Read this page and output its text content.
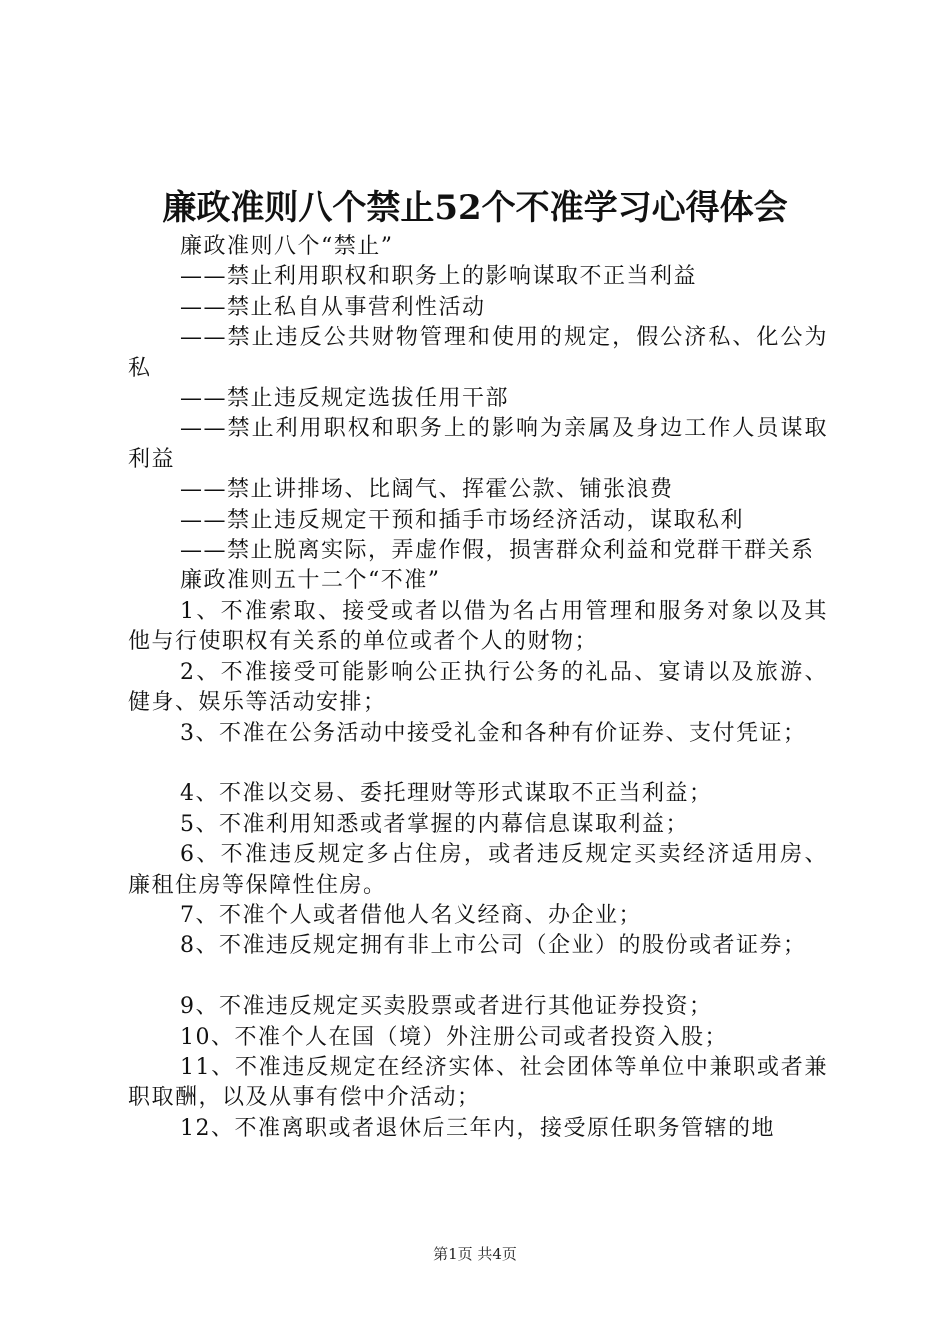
廉政准则八个禁止52个不准学习心得体会

廉政准则八个“禁止”

——禁止利用职权和职务上的影响谋取不正当利益

——禁止私自从事营利性活动

——禁止违反公共财物管理和使用的规定，假公济私、化公为私

——禁止违反规定选拔任用干部

——禁止利用职权和职务上的影响为亲属及身边工作人员谋取利益

——禁止讲排场、比阔气、挥霍公款、铺张浪费

——禁止违反规定干预和插手市场经济活动，谋取私利

——禁止脱离实际，弄虚作假，损害群众利益和党群干群关系

廉政准则五十二个“不准”

1、不准索取、接受或者以借为名占用管理和服务对象以及其他与行使职权有关系的单位或者个人的财物；

2、不准接受可能影响公正执行公务的礼品、宴请以及旅游、健身、娱乐等活动安排；

3、不准在公务活动中接受礼金和各种有价证券、支付凭证；

4、不准以交易、委托理财等形式谋取不正当利益；

5、不准利用知悉或者掌握的内幕信息谋取利益；

6、不准违反规定多占住房，或者违反规定买卖经济适用房、廉租住房等保障性住房。

7、不准个人或者借他人名义经商、办企业；

8、不准违反规定拥有非上市公司（企业）的股份或者证券；

9、不准违反规定买卖股票或者进行其他证券投资；

10、不准个人在国（境）外注册公司或者投资入股；

11、不准违反规定在经济实体、社会团体等单位中兼职或者兼职取酬，以及从事有偿中介活动；

12、不准离职或者退休后三年内，接受原任职务管辖的地

第1页 共4页
